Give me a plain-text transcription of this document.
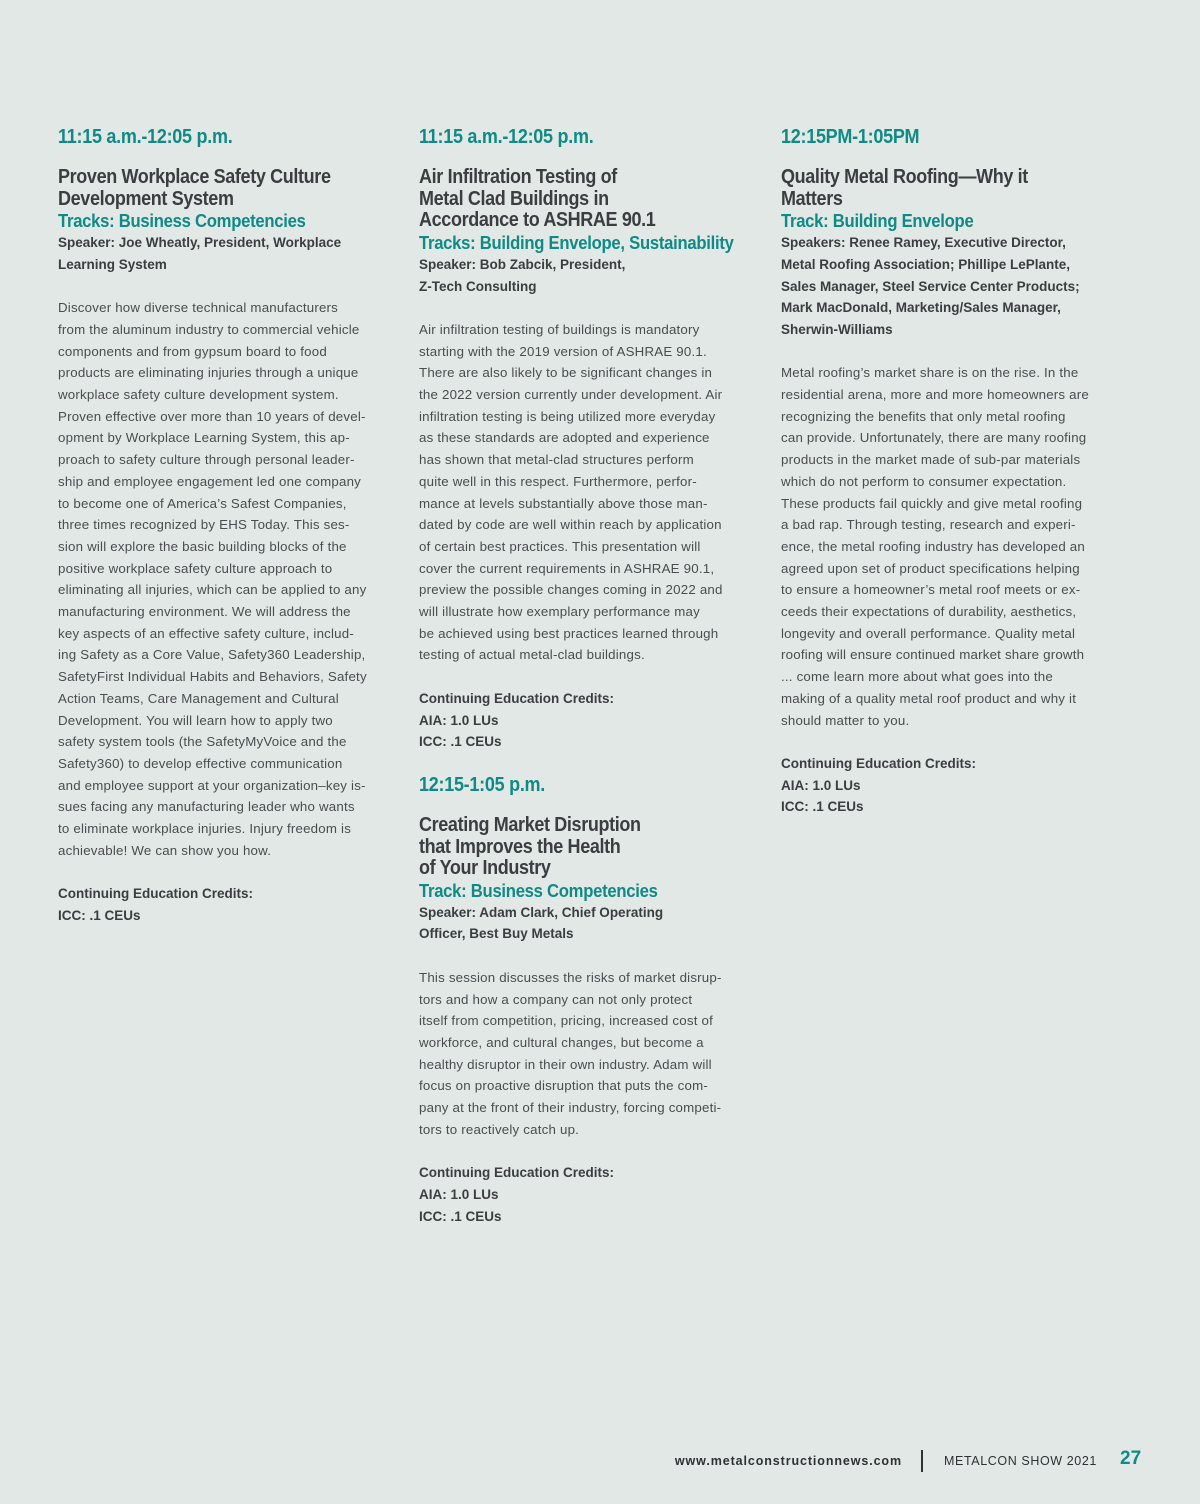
11:15 a.m.-12:05 p.m.
Proven Workplace Safety Culture
Development System
Tracks: Business Competencies
Speaker: Joe Wheatly, President, Workplace
Learning System
Discover how diverse technical manufacturers
from the aluminum industry to commercial vehicle
components and from gypsum board to food
products are eliminating injuries through a unique
workplace safety culture development system.
Proven effective over more than 10 years of devel-
opment by Workplace Learning System, this ap-
proach to safety culture through personal leader-
ship and employee engagement led one company
to become one of America’s Safest Companies,
three times recognized by EHS Today. This ses-
sion will explore the basic building blocks of the
positive workplace safety culture approach to
eliminating all injuries, which can be applied to any
manufacturing environment. We will address the
key aspects of an effective safety culture, includ-
ing Safety as a Core Value, Safety360 Leadership,
SafetyFirst Individual Habits and Behaviors, Safety
Action Teams, Care Management and Cultural
Development. You will learn how to apply two
safety system tools (the SafetyMyVoice and the
Safety360) to develop effective communication
and employee support at your organization–key is-
sues facing any manufacturing leader who wants
to eliminate workplace injuries. Injury freedom is
achievable! We can show you how.
Continuing Education Credits:
ICC: .1 CEUs
11:15 a.m.-12:05 p.m.
Air Infiltration Testing of
Metal Clad Buildings in
Accordance to ASHRAE 90.1
Tracks: Building Envelope, Sustainability
Speaker: Bob Zabcik, President,
Z-Tech Consulting
Air infiltration testing of buildings is mandatory
starting with the 2019 version of ASHRAE 90.1.
There are also likely to be significant changes in
the 2022 version currently under development. Air
infiltration testing is being utilized more everyday
as these standards are adopted and experience
has shown that metal-clad structures perform
quite well in this respect. Furthermore, perfor-
mance at levels substantially above those man-
dated by code are well within reach by application
of certain best practices. This presentation will
cover the current requirements in ASHRAE 90.1,
preview the possible changes coming in 2022 and
will illustrate how exemplary performance may
be achieved using best practices learned through
testing of actual metal-clad buildings.
Continuing Education Credits:
AIA: 1.0 LUs
ICC: .1 CEUs
12:15-1:05 p.m.
Creating Market Disruption
that Improves the Health
of Your Industry
Track: Business Competencies
Speaker: Adam Clark, Chief Operating
Officer, Best Buy Metals
This session discusses the risks of market disrup-
tors and how a company can not only protect
itself from competition, pricing, increased cost of
workforce, and cultural changes, but become a
healthy disruptor in their own industry. Adam will
focus on proactive disruption that puts the com-
pany at the front of their industry, forcing competi-
tors to reactively catch up.
Continuing Education Credits:
AIA: 1.0 LUs
ICC: .1 CEUs
12:15PM-1:05PM
Quality Metal Roofing—Why it Matters
Track: Building Envelope
Speakers: Renee Ramey, Executive Director,
Metal Roofing Association; Phillipe LePlante,
Sales Manager, Steel Service Center Products;
Mark MacDonald, Marketing/Sales Manager,
Sherwin-Williams
Metal roofing’s market share is on the rise. In the
residential arena, more and more homeowners are
recognizing the benefits that only metal roofing
can provide. Unfortunately, there are many roofing
products in the market made of sub-par materials
which do not perform to consumer expectation.
These products fail quickly and give metal roofing
a bad rap. Through testing, research and experi-
ence, the metal roofing industry has developed an
agreed upon set of product specifications helping
to ensure a homeowner’s metal roof meets or ex-
ceeds their expectations of durability, aesthetics,
longevity and overall performance. Quality metal
roofing will ensure continued market share growth
... come learn more about what goes into the
making of a quality metal roof product and why it
should matter to you.
Continuing Education Credits:
AIA: 1.0 LUs
ICC: .1 CEUs
www.metalconstructionnews.com	METALCON SHOW 2021 27
